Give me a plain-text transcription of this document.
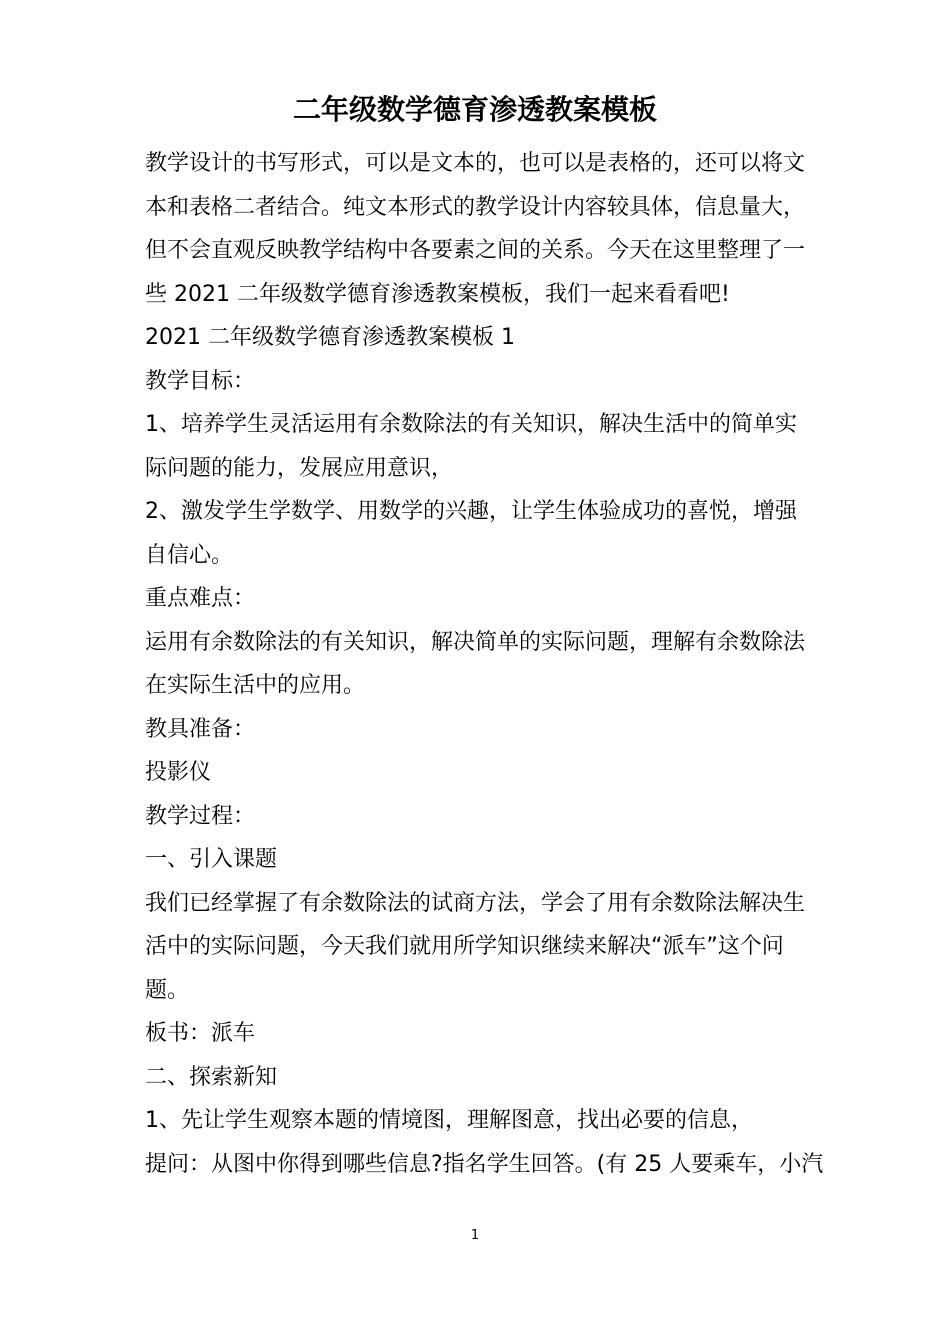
二年级数学德育渗透教案模板
教学设计的书写形式，可以是文本的，也可以是表格的，还可以将文
本和表格二者结合。纯文本形式的教学设计内容较具体，信息量大，
但不会直观反映教学结构中各要素之间的关系。今天在这里整理了一
些 2021 二年级数学德育渗透教案模板，我们一起来看看吧!
2021 二年级数学德育渗透教案模板 1
教学目标：
1、培养学生灵活运用有余数除法的有关知识，解决生活中的简单实
际问题的能力，发展应用意识，
2、激发学生学数学、用数学的兴趣，让学生体验成功的喜悦，增强
自信心。
重点难点：
运用有余数除法的有关知识，解决简单的实际问题，理解有余数除法
在实际生活中的应用。
教具准备：
投影仪
教学过程：
一、引入课题
我们已经掌握了有余数除法的试商方法，学会了用有余数除法解决生
活中的实际问题，今天我们就用所学知识继续来解决“派车”这个问
题。
板书：派车
二、探索新知
1、先让学生观察本题的情境图，理解图意，找出必要的信息，
提问：从图中你得到哪些信息?指名学生回答。(有 25 人要乘车，小汽
1
